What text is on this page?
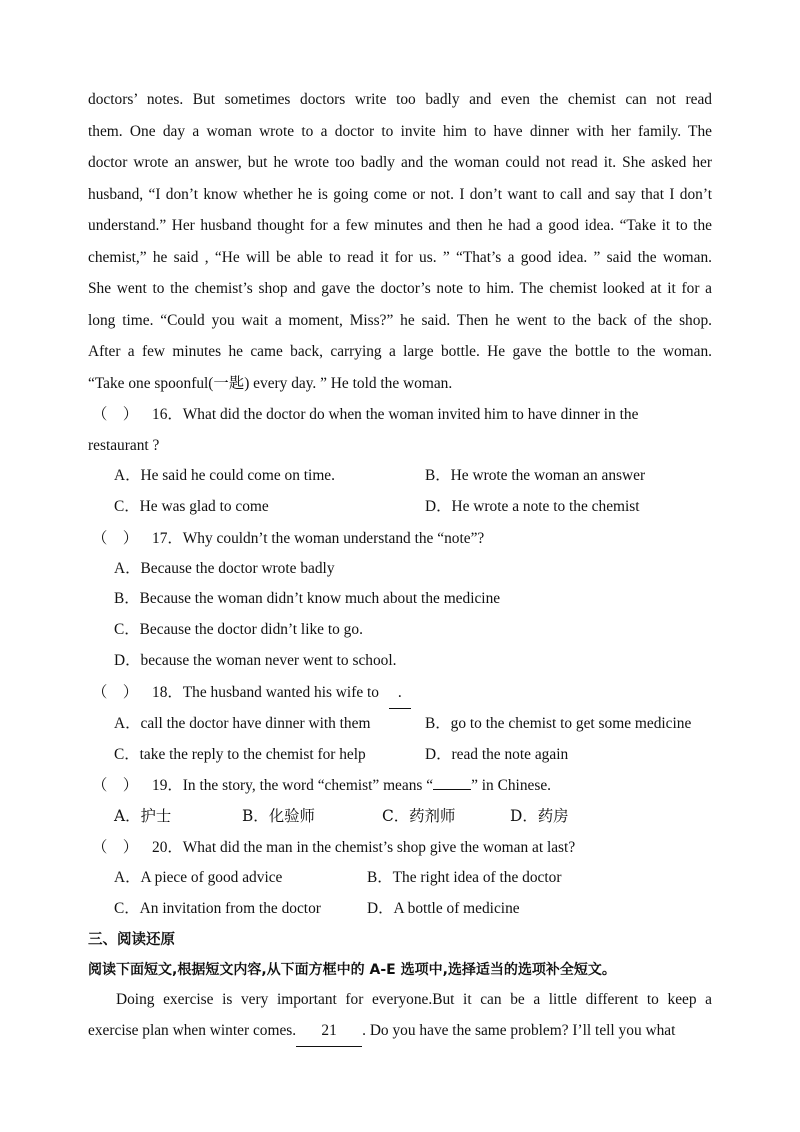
doctors’ notes. But sometimes doctors write too badly and even the chemist can not read

them. One day a woman wrote to a doctor to invite him to have dinner with her family. The

doctor wrote an answer, but he wrote too badly and the woman could not read it. She asked her

husband, “I don’t know whether he is going come or not. I don’t want to call and say that I don’t

understand.” Her husband thought for a few minutes and then he had a good idea. “Take it to the

chemist,” he said , “He will be able to read it for us. ” “That’s a good idea. ” said the woman.

She went to the chemist’s shop and gave the doctor’s note to him. The chemist looked at it for a

long time. “Could you wait a moment, Miss?” he said. Then he went to the back of the shop.

After a few minutes he came back, carrying a large bottle. He gave the bottle to the woman.

“Take one spoonful(一匙) every day. ” He told the woman.

（　） 16．What did the doctor do when the woman invited him to have dinner in the

restaurant ?

A．He said he could come on time.	B．He wrote the woman an answer
C．He was glad to come	D．He wrote a note to the chemist

（　） 17．Why couldn’t the woman understand the “note”?

A．Because the doctor wrote badly
B．Because the woman didn’t know much about the medicine
C．Because the doctor didn’t like to go.
D．because the woman never went to school.

（　） 18．The husband wanted his wife to .

A．call the doctor have dinner with them	B．go to the chemist to get some medicine
C．take the reply to the chemist for help	D．read the note again

（　） 19．In the story, the word “chemist” means “ ” in Chinese.

A．护士	B．化验师	C．药剂师	D．药房

（　） 20．What did the man in the chemist’s shop give the woman at last?

A．A piece of good advice	B．The right idea of the doctor
C．An invitation from the doctor	D．A bottle of medicine

三、阅读还原

阅读下面短文,根据短文内容,从下面方框中的 A-E 选项中,选择适当的选项补全短文。

Doing exercise is very important for everyone.But it can be a little different to keep a

exercise plan when winter comes. 21 . Do you have the same problem? I’ll tell you what
